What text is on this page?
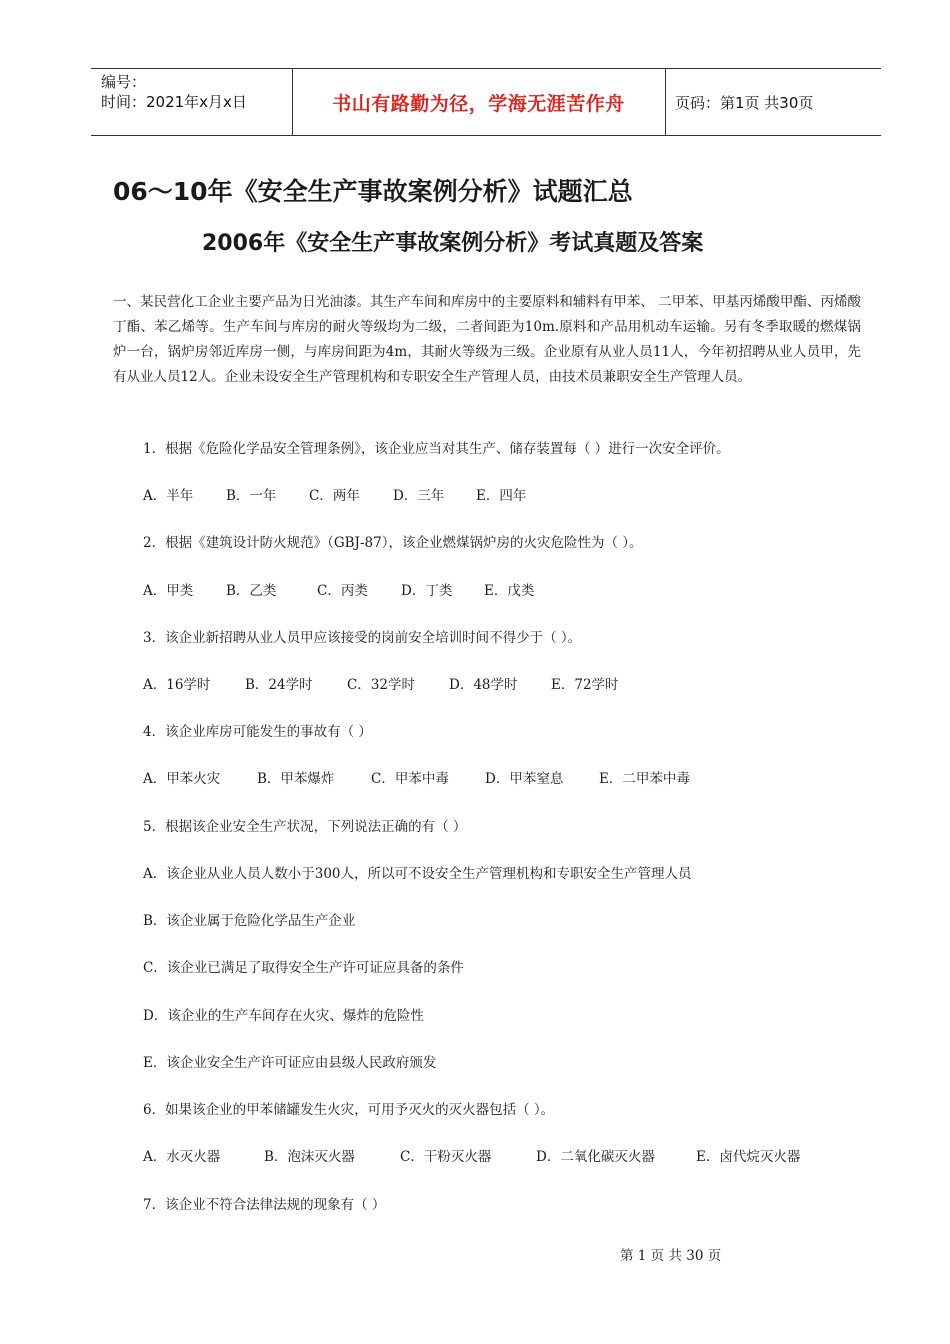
编号：
时间：2021年x月x日	书山有路勤为径，学海无涯苦作舟	页码：第1页 共30页
06～10年《安全生产事故案例分析》试题汇总
2006年《安全生产事故案例分析》考试真题及答案
一、某民营化工企业主要产品为日光油漆。其生产车间和库房中的主要原料和辅料有甲苯、 二甲苯、甲基丙烯酸甲酯、丙烯酸丁酯、苯乙烯等。生产车间与库房的耐火等级均为二级，二者间距为10m.原料和产品用机动车运输。另有冬季取暖的燃煤锅炉一台，锅炉房邻近库房一侧，与库房间距为4m，其耐火等级为三级。企业原有从业人员11人，今年初招聘从业人员甲，先有从业人员12人。企业未设安全生产管理机构和专职安全生产管理人员，由技术员兼职安全生产管理人员。
1．根据《危险化学品安全管理条例》，该企业应当对其生产、储存装置每（ ）进行一次安全评价。
A．半年 B．一年 C．两年 D．三年 E．四年
2．根据《建筑设计防火规范》（GBJ-87），该企业燃煤锅炉房的火灾危险性为（ ）。
A．甲类 B．乙类	C．丙类 D．丁类 E．戊类
3．该企业新招聘从业人员甲应该接受的岗前安全培训时间不得少于（ ）。
A．16学时	B．24学时	C．32学时	D．48学时 E．72学时
4．该企业库房可能发生的事故有（ ）
A．甲苯火灾	B．甲苯爆炸	C．甲苯中毒	D．甲苯窒息	E．二甲苯中毒
5．根据该企业安全生产状况，下列说法正确的有（ ）
A．该企业从业人员人数小于300人，所以可不设安全生产管理机构和专职安全生产管理人员
B．该企业属于危险化学品生产企业
C．该企业已满足了取得安全生产许可证应具备的条件
D．该企业的生产车间存在火灾、爆炸的危险性
E．该企业安全生产许可证应由县级人民政府颁发
6．如果该企业的甲苯储罐发生火灾，可用予灭火的灭火器包括（ ）。
A．水灭火器	B．泡沫灭火器	C．干粉灭火器	D．二氧化碳灭火器	E．卤代烷灭火器
7．该企业不符合法律法规的现象有（ ）
第 1 页 共 30 页
